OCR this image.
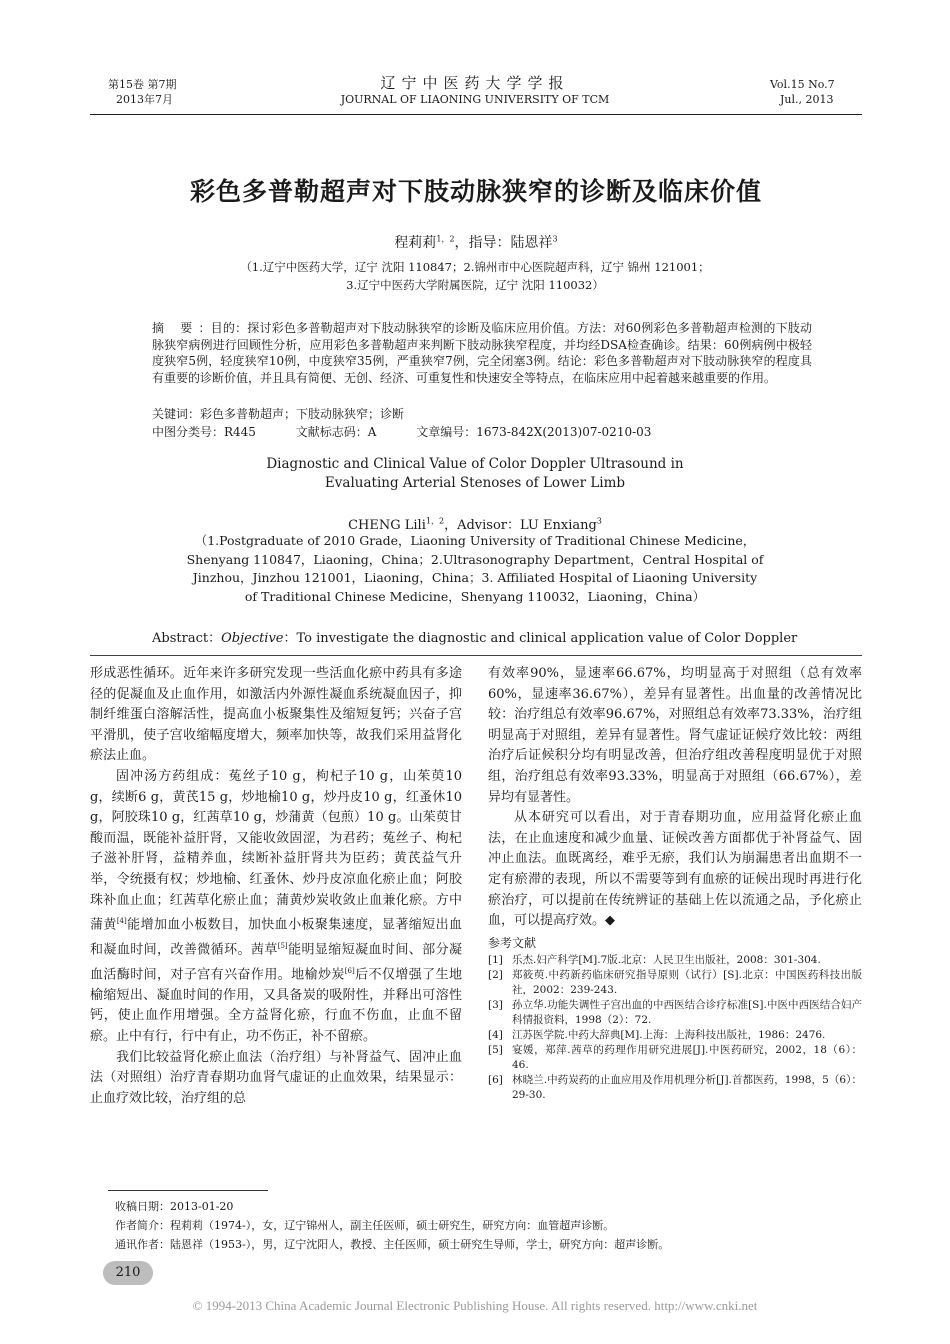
第15卷 第7期
2013年7月
辽宁中医药大学学报
JOURNAL OF LIAONING UNIVERSITY OF TCM
Vol.15 No.7
Jul., 2013
彩色多普勒超声对下肢动脉狭窄的诊断及临床价值
程莉莉$^{1,2}$，指导：陆恩祥$^3$
（1.辽宁中医药大学，辽宁 沈阳 110847；2.锦州市中心医院超声科，辽宁 锦州 121001；
3.辽宁中医药大学附属医院，辽宁 沈阳 110032）
摘 要：目的：探讨彩色多普勒超声对下肢动脉狭窄的诊断及临床应用价值。方法：对60例彩色多普勒超声检测的下肢动脉狭窄病例进行回顾性分析，应用彩色多普勒超声来判断下肢动脉狭窄程度，并均经DSA检查确诊。结果：60例病例中极轻度狭窄5例，轻度狭窄10例，中度狭窄35例，严重狭窄7例，完全闭塞3例。结论：彩色多普勒超声对下肢动脉狭窄的程度具有重要的诊断价值，并且具有简便、无创、经济、可重复性和快速安全等特点，在临床应用中起着越来越重要的作用。
关键词：彩色多普勒超声；下肢动脉狭窄；诊断
中图分类号：R445	文献标志码：A	文章编号：1673-842X(2013)07-0210-03
Diagnostic and Clinical Value of Color Doppler Ultrasound in
Evaluating Arterial Stenoses of Lower Limb
CHENG Lili$^{1,2}$，Advisor：LU Enxiang$^3$
（1.Postgraduate of 2010 Grade，Liaoning University of Traditional Chinese Medicine，
Shenyang 110847，Liaoning，China；2.Ultrasonography Department，Central Hospital of
Jinzhou，Jinzhou 121001，Liaoning，China；3. Affiliated Hospital of Liaoning University
of Traditional Chinese Medicine，Shenyang 110032，Liaoning，China）
Abstract：Objective：To investigate the diagnostic and clinical application value of Color Doppler

形成恶性循环。近年来许多研究发现一些活血化瘀中药具有多途径的促凝血及止血作用，如激活内外源性凝血系统凝血因子，抑制纤维蛋白溶解活性，提高血小板聚集性及缩短复钙；兴奋子宫平滑肌，使子宫收缩幅度增大，频率加快等，故我们采用益肾化瘀法止血。

固冲汤方药组成：菟丝子10 g，枸杞子10 g，山茱萸10 g，续断6 g，黄芪15 g，炒地榆10 g，炒丹皮10 g，红蚤休10 g，阿胶珠10 g，红茜草10 g，炒蒲黄（包煎）10 g。山茱萸甘酸而温，既能补益肝肾，又能收敛固涩，为君药；菟丝子、枸杞子滋补肝肾，益精养血，续断补益肝肾共为臣药；黄芪益气升举，令统摄有权；炒地榆、红蚤休、炒丹皮凉血化瘀止血；阿胶珠补血止血；红茜草化瘀止血；蒲黄炒炭收敛止血兼化瘀。方中蒲黄[4]能增加血小板数目，加快血小板聚集速度，显著缩短出血和凝血时间，改善微循环。茜草[5]能明显缩短凝血时间、部分凝血活酶时间，对子宫有兴奋作用。地榆炒炭[6]后不仅增强了生地榆缩短出、凝血时间的作用，又具备炭的吸附性，并释出可溶性钙，使止血作用增强。全方益肾化瘀，行血不伤血，止血不留瘀。止中有行，行中有止，功不伤正，补不留瘀。

我们比较益肾化瘀止血法（治疗组）与补肾益气、固冲止血法（对照组）治疗青春期功血肾气虚证的止血效果，结果显示：止血疗效比较，治疗组的总

有效率90%，显速率66.67%，均明显高于对照组（总有效率60%，显速率36.67%），差异有显著性。出血量的改善情况比较：治疗组总有效率96.67%，对照组总有效率73.33%，治疗组明显高于对照组，差异有显著性。肾气虚证证候疗效比较：两组治疗后证候积分均有明显改善，但治疗组改善程度明显优于对照组，治疗组总有效率93.33%，明显高于对照组（66.67%），差异均有显著性。

从本研究可以看出，对于青春期功血，应用益肾化瘀止血法，在止血速度和减少血量、证候改善方面都优于补肾益气、固冲止血法。血既离经，难乎无瘀，我们认为崩漏患者出血期不一定有瘀滞的表现，所以不需要等到有血瘀的证候出现时再进行化瘀治疗，可以提前在传统辨证的基础上佐以流通之品，予化瘀止血，可以提高疗效。◆

参考文献
[1] 乐杰.妇产科学[M].7版.北京：人民卫生出版社，2008：301-304.
[2] 郑筱萸.中药新药临床研究指导原则（试行）[S].北京：中国医药科技出版社，2002：239-243.
[3] 孙立华.功能失调性子宫出血的中西医结合诊疗标准[S].中医中西医结合妇产科情报资料，1998（2）：72.
[4] 江苏医学院.中药大辞典[M].上海：上海科技出版社，1986：2476.
[5] 宴媛，郑萍.茜草的药理作用研究进展[J].中医药研究，2002，18（6）：46.
[6] 林晓兰.中药炭药的止血应用及作用机理分析[J].首都医药，1998，5（6）：29-30.
收稿日期：2013-01-20
作者简介：程莉莉（1974-），女，辽宁锦州人，副主任医师，硕士研究生，研究方向：血管超声诊断。
通讯作者：陆恩祥（1953-），男，辽宁沈阳人，教授、主任医师，硕士研究生导师，学士，研究方向：超声诊断。
210
© 1994-2013 China Academic Journal Electronic Publishing House. All rights reserved. http://www.cnki.net
